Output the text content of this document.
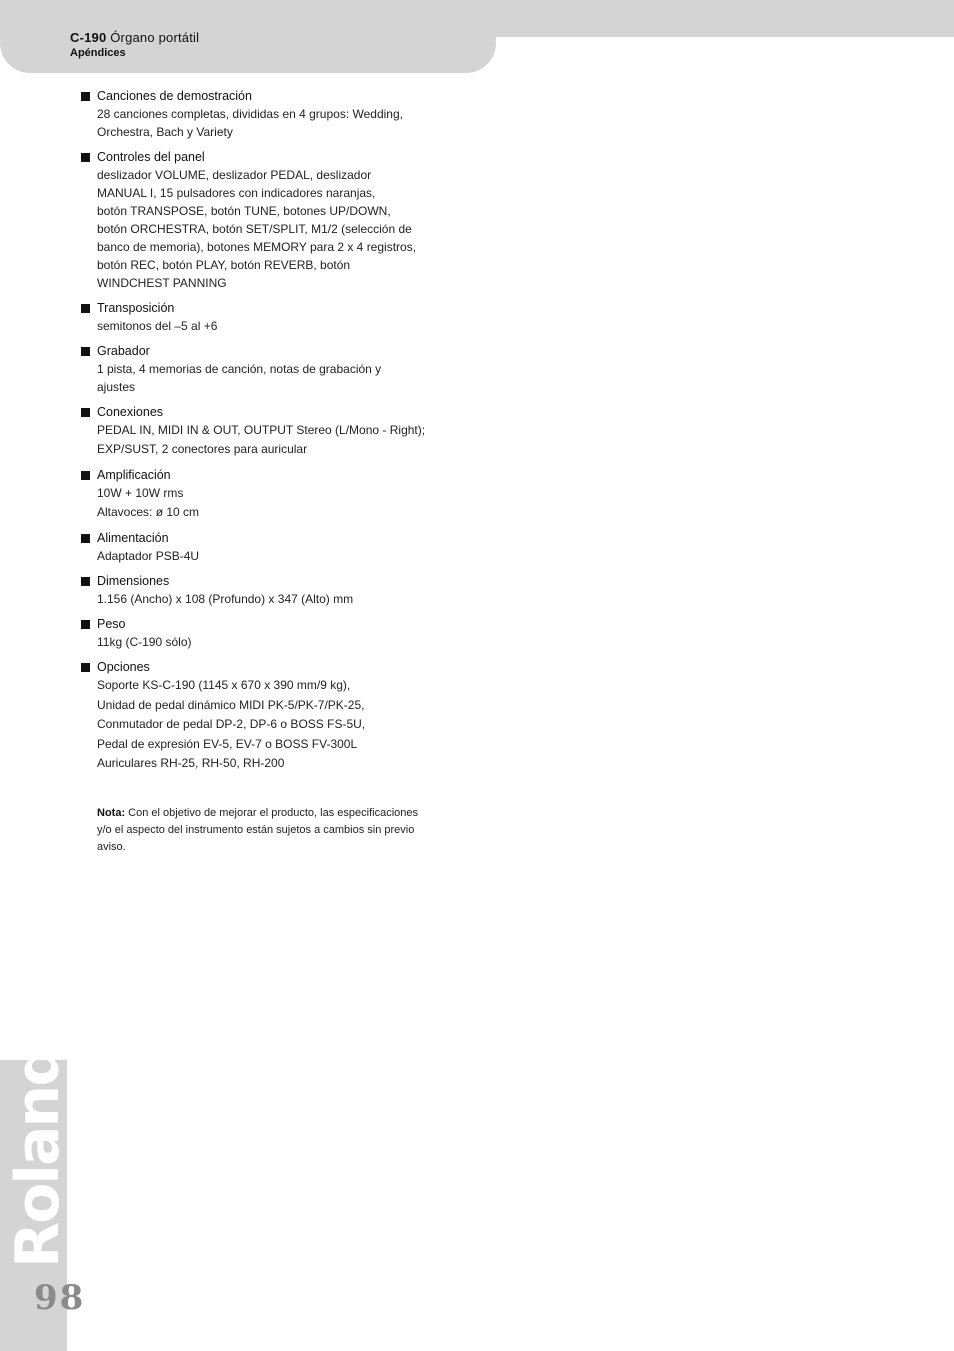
C-190 Órgano portátil
Apéndices
Canciones de demostración
28 canciones completas, divididas en 4 grupos: Wedding, Orchestra, Bach y Variety
Controles del panel
deslizador VOLUME, deslizador PEDAL, deslizador MANUAL I, 15 pulsadores con indicadores naranjas,
botón TRANSPOSE, botón TUNE, botones UP/DOWN, botón ORCHESTRA, botón SET/SPLIT, M1/2 (selección de banco de memoria), botones MEMORY para 2 x 4 registros, botón REC, botón PLAY, botón REVERB, botón WINDCHEST PANNING
Transposición
semitonos del –5 al +6
Grabador
1 pista, 4 memorias de canción, notas de grabación y ajustes
Conexiones
PEDAL IN, MIDI IN & OUT, OUTPUT Stereo (L/Mono - Right); EXP/SUST, 2 conectores para auricular
Amplificación
10W + 10W rms
Altavoces: ø 10 cm
Alimentación
Adaptador PSB-4U
Dimensiones
1.156 (Ancho) x 108 (Profundo) x 347 (Alto) mm
Peso
11kg (C-190 sólo)
Opciones
Soporte KS-C-190 (1145 x 670 x 390 mm/9 kg),
Unidad de pedal dinámico MIDI PK-5/PK-7/PK-25,
Conmutador de pedal DP-2, DP-6 o BOSS FS-5U,
Pedal de expresión EV-5, EV-7 o BOSS FV-300L
Auriculares RH-25, RH-50, RH-200
Nota: Con el objetivo de mejorar el producto, las especificaciones y/o el aspecto del instrumento están sujetos a cambios sin previo aviso.
Roland
98
